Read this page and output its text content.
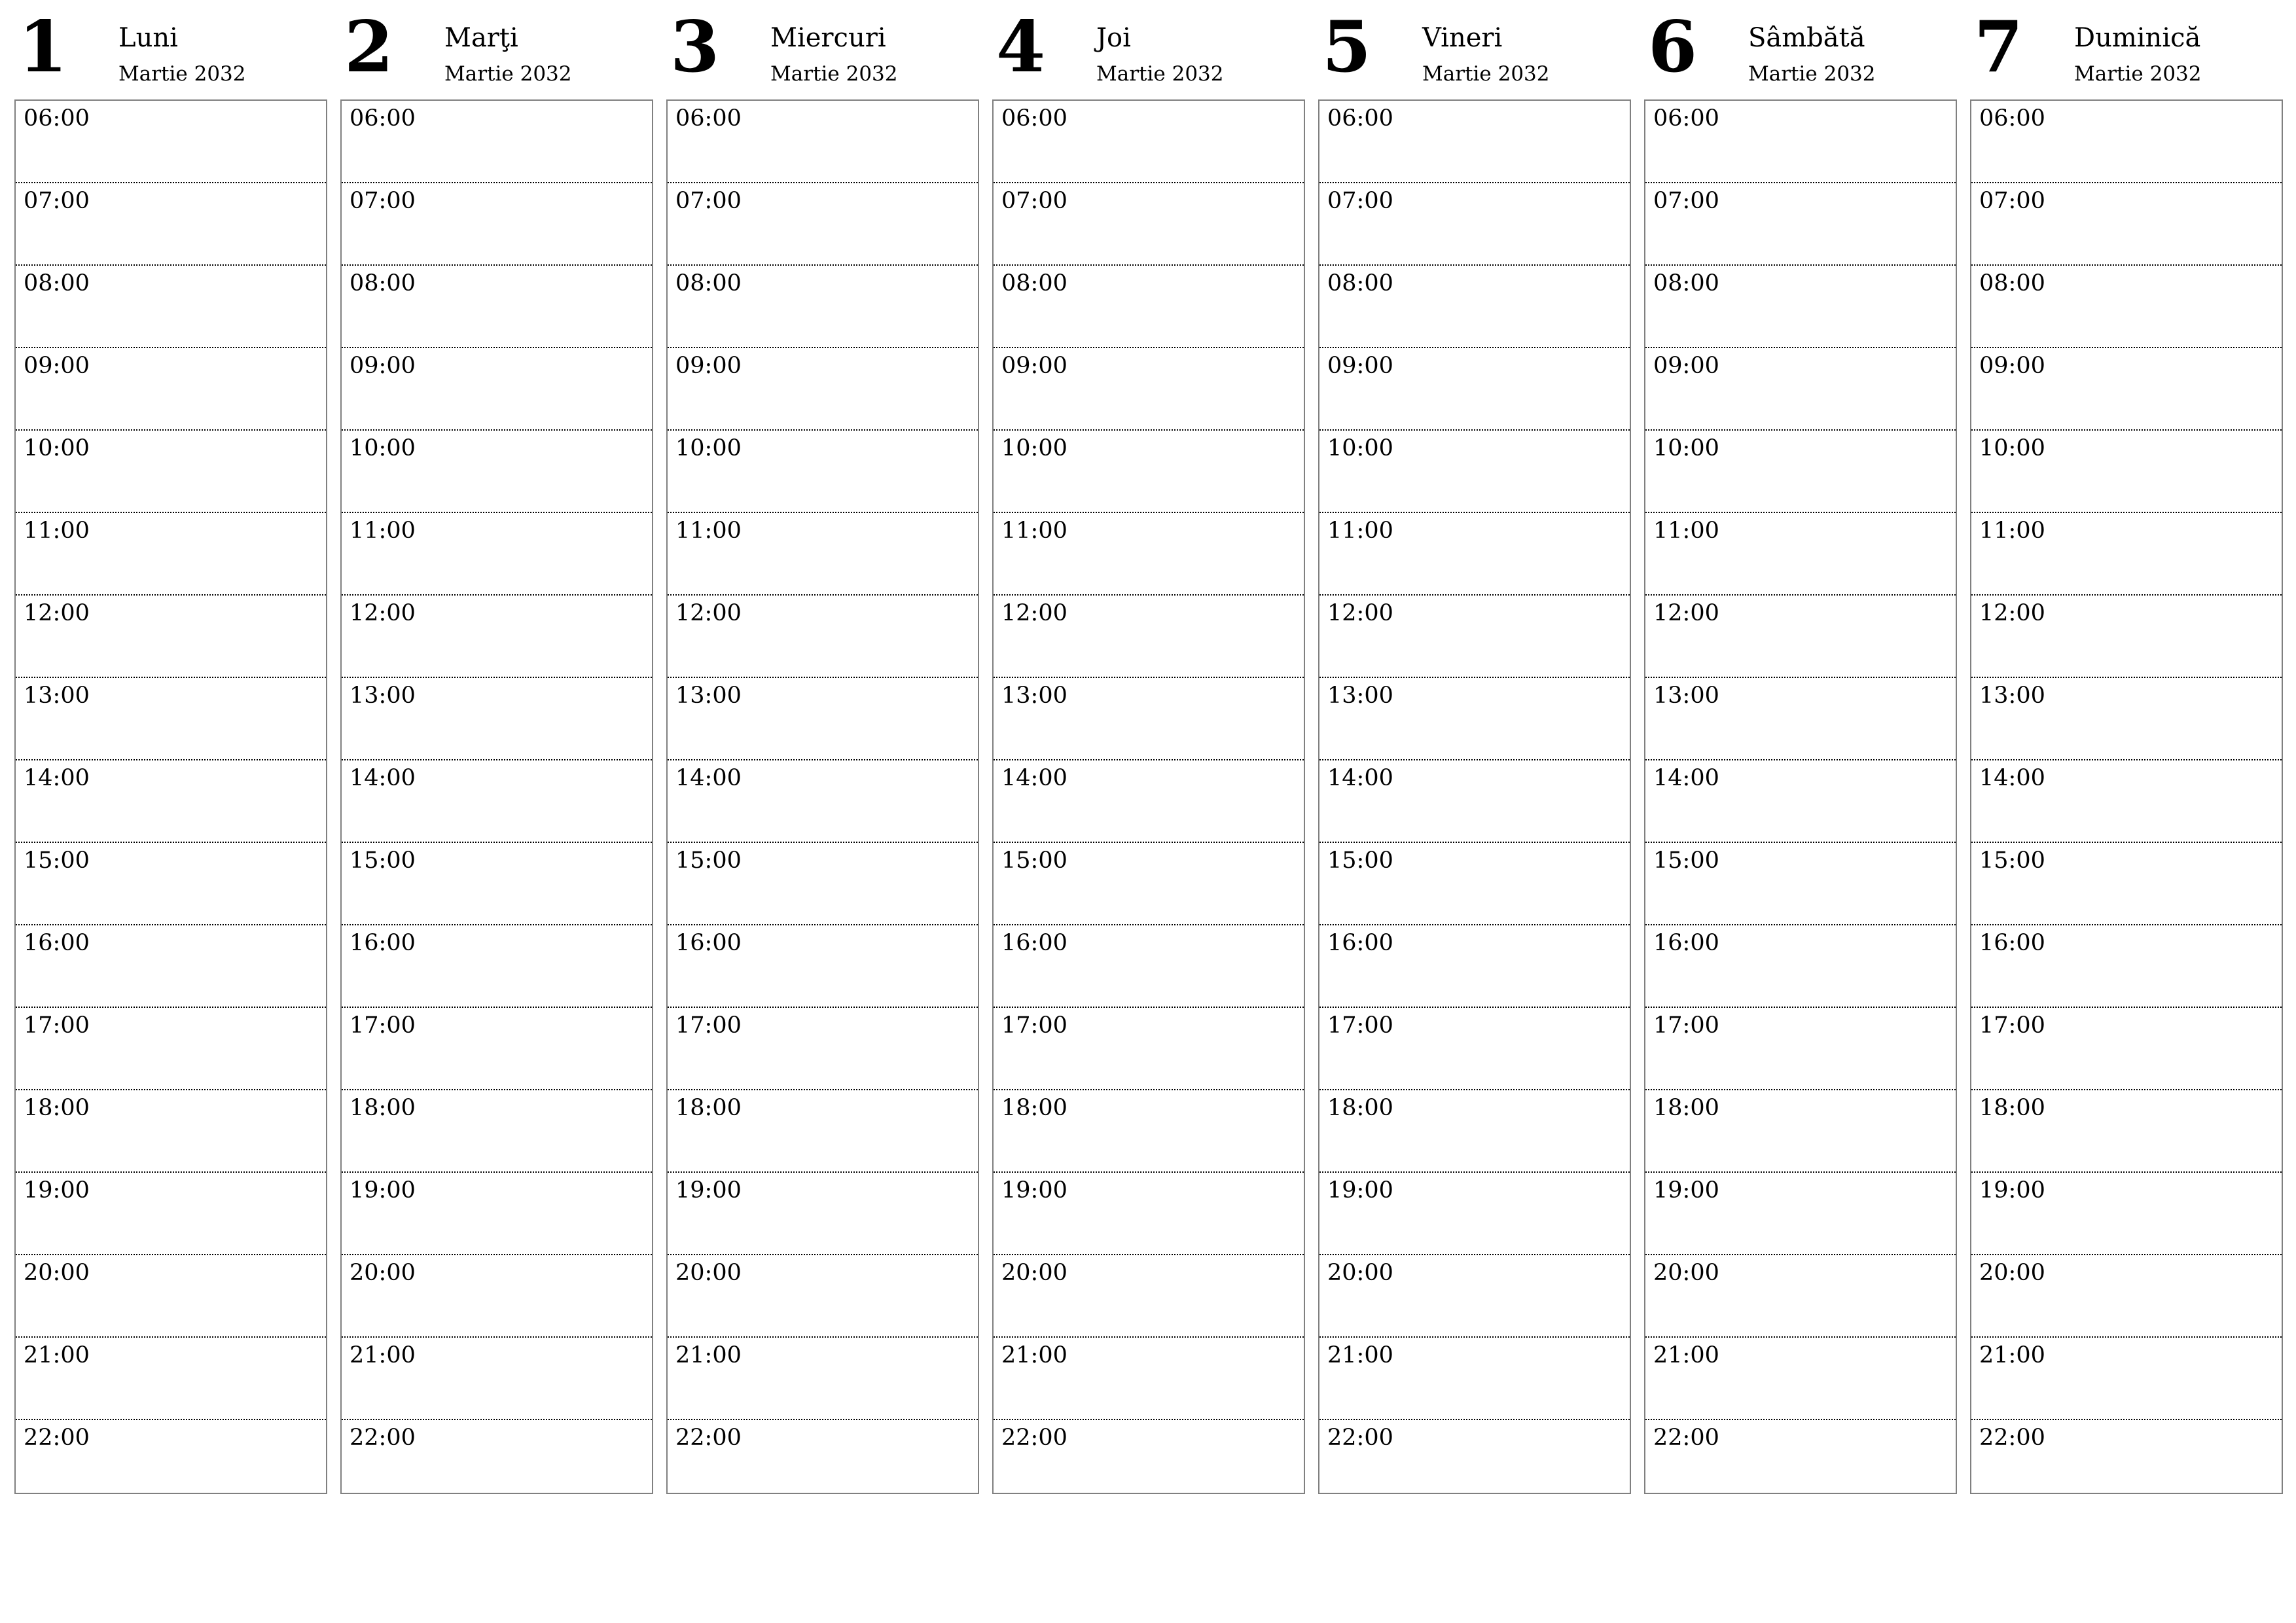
1 Luni
Martie 2032
06:00
07:00
08:00
09:00
10:00
11:00
12:00
13:00
14:00
15:00
16:00
17:00
18:00
19:00
20:00
21:00
22:00
2 Marţi
Martie 2032
06:00
07:00
08:00
09:00
10:00
11:00
12:00
13:00
14:00
15:00
16:00
17:00
18:00
19:00
20:00
21:00
22:00
3 Miercuri
Martie 2032
06:00
07:00
08:00
09:00
10:00
11:00
12:00
13:00
14:00
15:00
16:00
17:00
18:00
19:00
20:00
21:00
22:00
4 Joi
Martie 2032
06:00
07:00
08:00
09:00
10:00
11:00
12:00
13:00
14:00
15:00
16:00
17:00
18:00
19:00
20:00
21:00
22:00
5 Vineri
Martie 2032
06:00
07:00
08:00
09:00
10:00
11:00
12:00
13:00
14:00
15:00
16:00
17:00
18:00
19:00
20:00
21:00
22:00
6 Sâmbătă
Martie 2032
06:00
07:00
08:00
09:00
10:00
11:00
12:00
13:00
14:00
15:00
16:00
17:00
18:00
19:00
20:00
21:00
22:00
7 Duminică
Martie 2032
06:00
07:00
08:00
09:00
10:00
11:00
12:00
13:00
14:00
15:00
16:00
17:00
18:00
19:00
20:00
21:00
22:00
